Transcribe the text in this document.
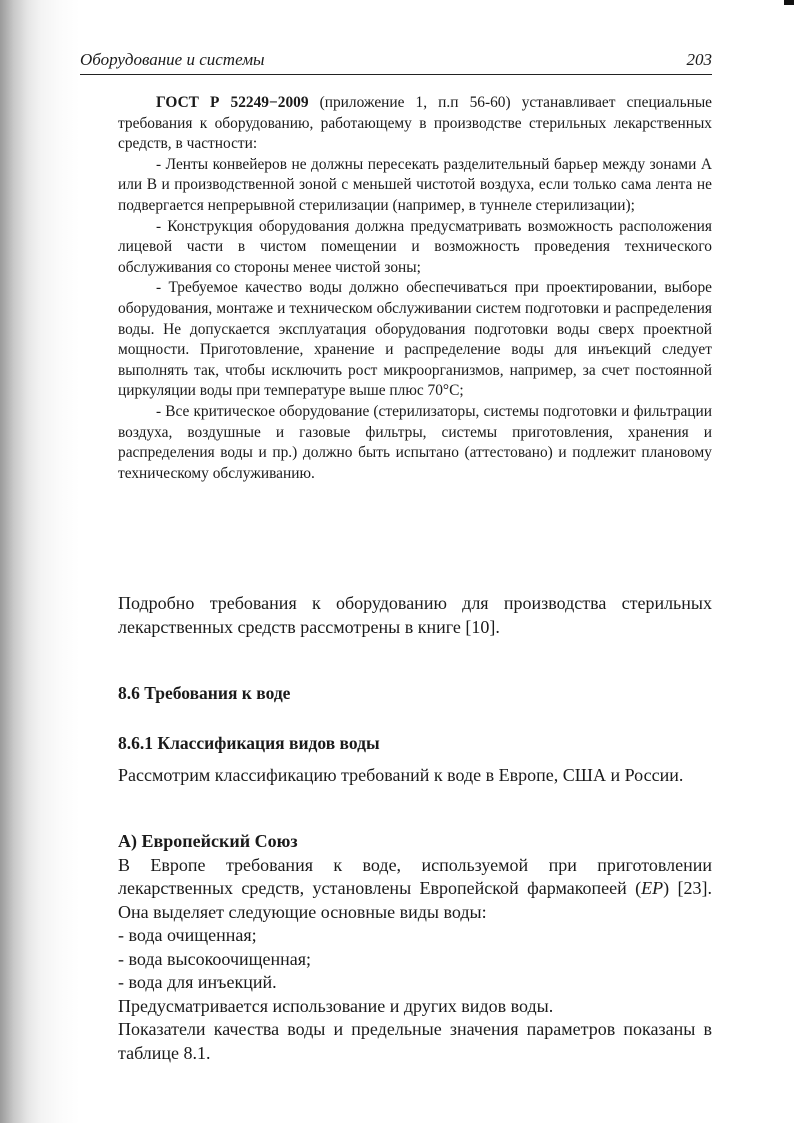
Оборудование и системы	203

ГОСТ Р 52249−2009 (приложение 1, п.п 56-60) устанавливает специальные требования к оборудованию, работающему в производстве стерильных лекарственных средств, в частности:

- Ленты конвейеров не должны пересекать разделительный барьер между зонами А или В и производственной зоной с меньшей чистотой воздуха, если только сама лента не подвергается непрерывной стерилизации (например, в туннеле стерилизации);

- Конструкция оборудования должна предусматривать возможность расположения лицевой части в чистом помещении и возможность проведения технического обслуживания со стороны менее чистой зоны;

- Требуемое качество воды должно обеспечиваться при проектировании, выборе оборудования, монтаже и техническом обслуживании систем подготовки и распределения воды. Не допускается эксплуатация оборудования подготовки воды сверх проектной мощности. Приготовление, хранение и распределение воды для инъекций следует выполнять так, чтобы исключить рост микроорганизмов, например, за счет постоянной циркуляции воды при температуре выше плюс 70°С;

- Все критическое оборудование (стерилизаторы, системы подготовки и фильтрации воздуха, воздушные и газовые фильтры, системы приготовления, хранения и распределения воды и пр.) должно быть испытано (аттестовано) и подлежит плановому техническому обслуживанию.

Подробно требования к оборудованию для производства стерильных лекарственных средств рассмотрены в книге [10].

8.6 Требования к воде
8.6.1 Классификация видов воды

Рассмотрим классификацию требований к воде в Европе, США и России.

А) Европейский Союз

В Европе требования к воде, используемой при приготовлении лекарственных средств, установлены Европейской фармакопеей (EP) [23]. Она выделяет следующие основные виды воды:

- вода очищенная;

- вода высокоочищенная;

- вода для инъекций.

Предусматривается использование и других видов воды.

Показатели качества воды и предельные значения параметров показаны в таблице 8.1.
